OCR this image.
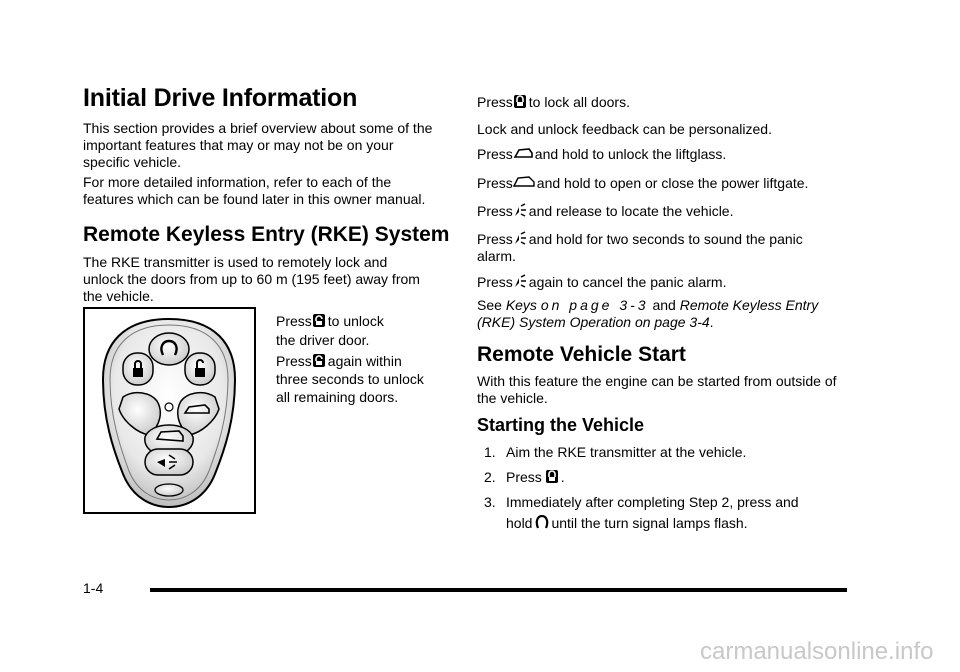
Initial Drive Information

This section provides a brief overview about some of the important features that may or may not be on your specific vehicle.

For more detailed information, refer to each of the features which can be found later in this owner manual.

Remote Keyless Entry (RKE) System

The RKE transmitter is used to remotely lock and unlock the doors from up to 60 m (195 feet) away from the vehicle.

Press to unlock
the driver door.
Press again within
three seconds to unlock
all remaining doors.

Press to lock all doors.

Lock and unlock feedback can be personalized.

Press and hold to unlock the liftglass.

Press and hold to open or close the power liftgate.

Press and release to locate the vehicle.

Press and hold for two seconds to sound the panic
alarm.

Press again to cancel the panic alarm.

See Keys on page 3-3 and Remote Keyless Entry
(RKE) System Operation on page 3-4.

Remote Vehicle Start

With this feature the engine can be started from outside of the vehicle.

Starting the Vehicle
1. Aim the RKE transmitter at the vehicle.
2. Press .
3. Immediately after completing Step 2, press and
hold until the turn signal lamps flash.
1-4
carmanualsonline.info
